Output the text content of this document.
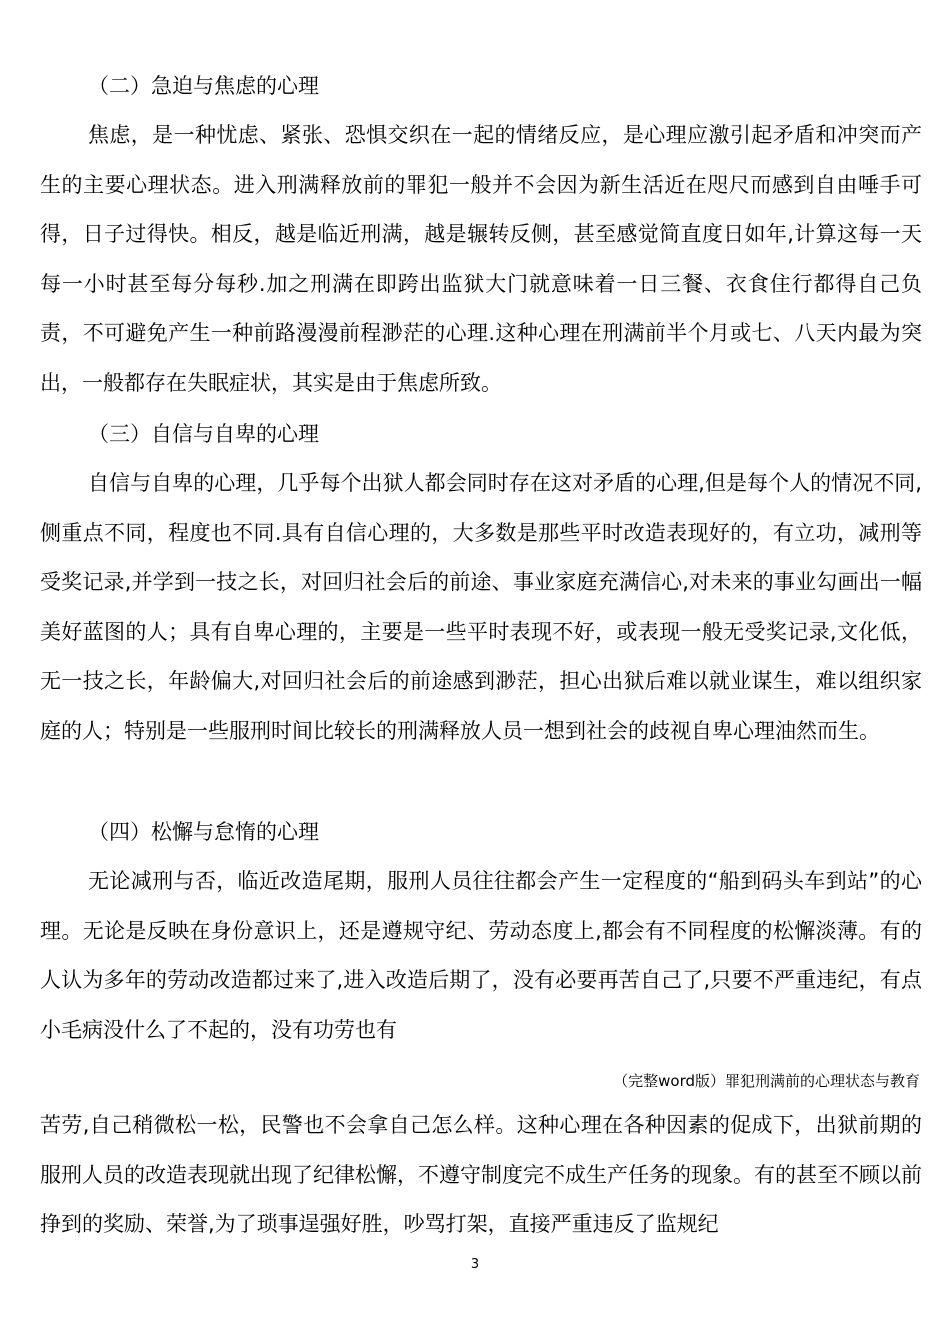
（二）急迫与焦虑的心理
焦虑，是一种忧虑、紧张、恐惧交织在一起的情绪反应，是心理应激引起矛盾和冲突而产生的主要心理状态。进入刑满释放前的罪犯一般并不会因为新生活近在咫尺而感到自由唾手可得，日子过得快。相反，越是临近刑满，越是辗转反侧，甚至感觉简直度日如年,计算这每一天每一小时甚至每分每秒.加之刑满在即跨出监狱大门就意味着一日三餐、衣食住行都得自己负责，不可避免产生一种前路漫漫前程渺茫的心理.这种心理在刑满前半个月或七、八天内最为突出，一般都存在失眠症状，其实是由于焦虑所致。
（三）自信与自卑的心理
自信与自卑的心理，几乎每个出狱人都会同时存在这对矛盾的心理,但是每个人的情况不同,侧重点不同，程度也不同.具有自信心理的，大多数是那些平时改造表现好的，有立功，减刑等受奖记录,并学到一技之长，对回归社会后的前途、事业家庭充满信心,对未来的事业勾画出一幅美好蓝图的人；具有自卑心理的，主要是一些平时表现不好，或表现一般无受奖记录,文化低，无一技之长，年龄偏大,对回归社会后的前途感到渺茫，担心出狱后难以就业谋生，难以组织家庭的人；特别是一些服刑时间比较长的刑满释放人员一想到社会的歧视自卑心理油然而生。
（四）松懈与怠惰的心理
无论减刑与否，临近改造尾期，服刑人员往往都会产生一定程度的“船到码头车到站”的心理。无论是反映在身份意识上，还是遵规守纪、劳动态度上,都会有不同程度的松懈淡薄。有的人认为多年的劳动改造都过来了,进入改造后期了，没有必要再苦自己了,只要不严重违纪，有点小毛病没什么了不起的，没有功劳也有
（完整word版）罪犯刑满前的心理状态与教育
苦劳,自己稍微松一松，民警也不会拿自己怎么样。这种心理在各种因素的促成下，出狱前期的服刑人员的改造表现就出现了纪律松懈，不遵守制度完不成生产任务的现象。有的甚至不顾以前挣到的奖励、荣誉,为了琐事逞强好胜，吵骂打架，直接严重违反了监规纪
3
